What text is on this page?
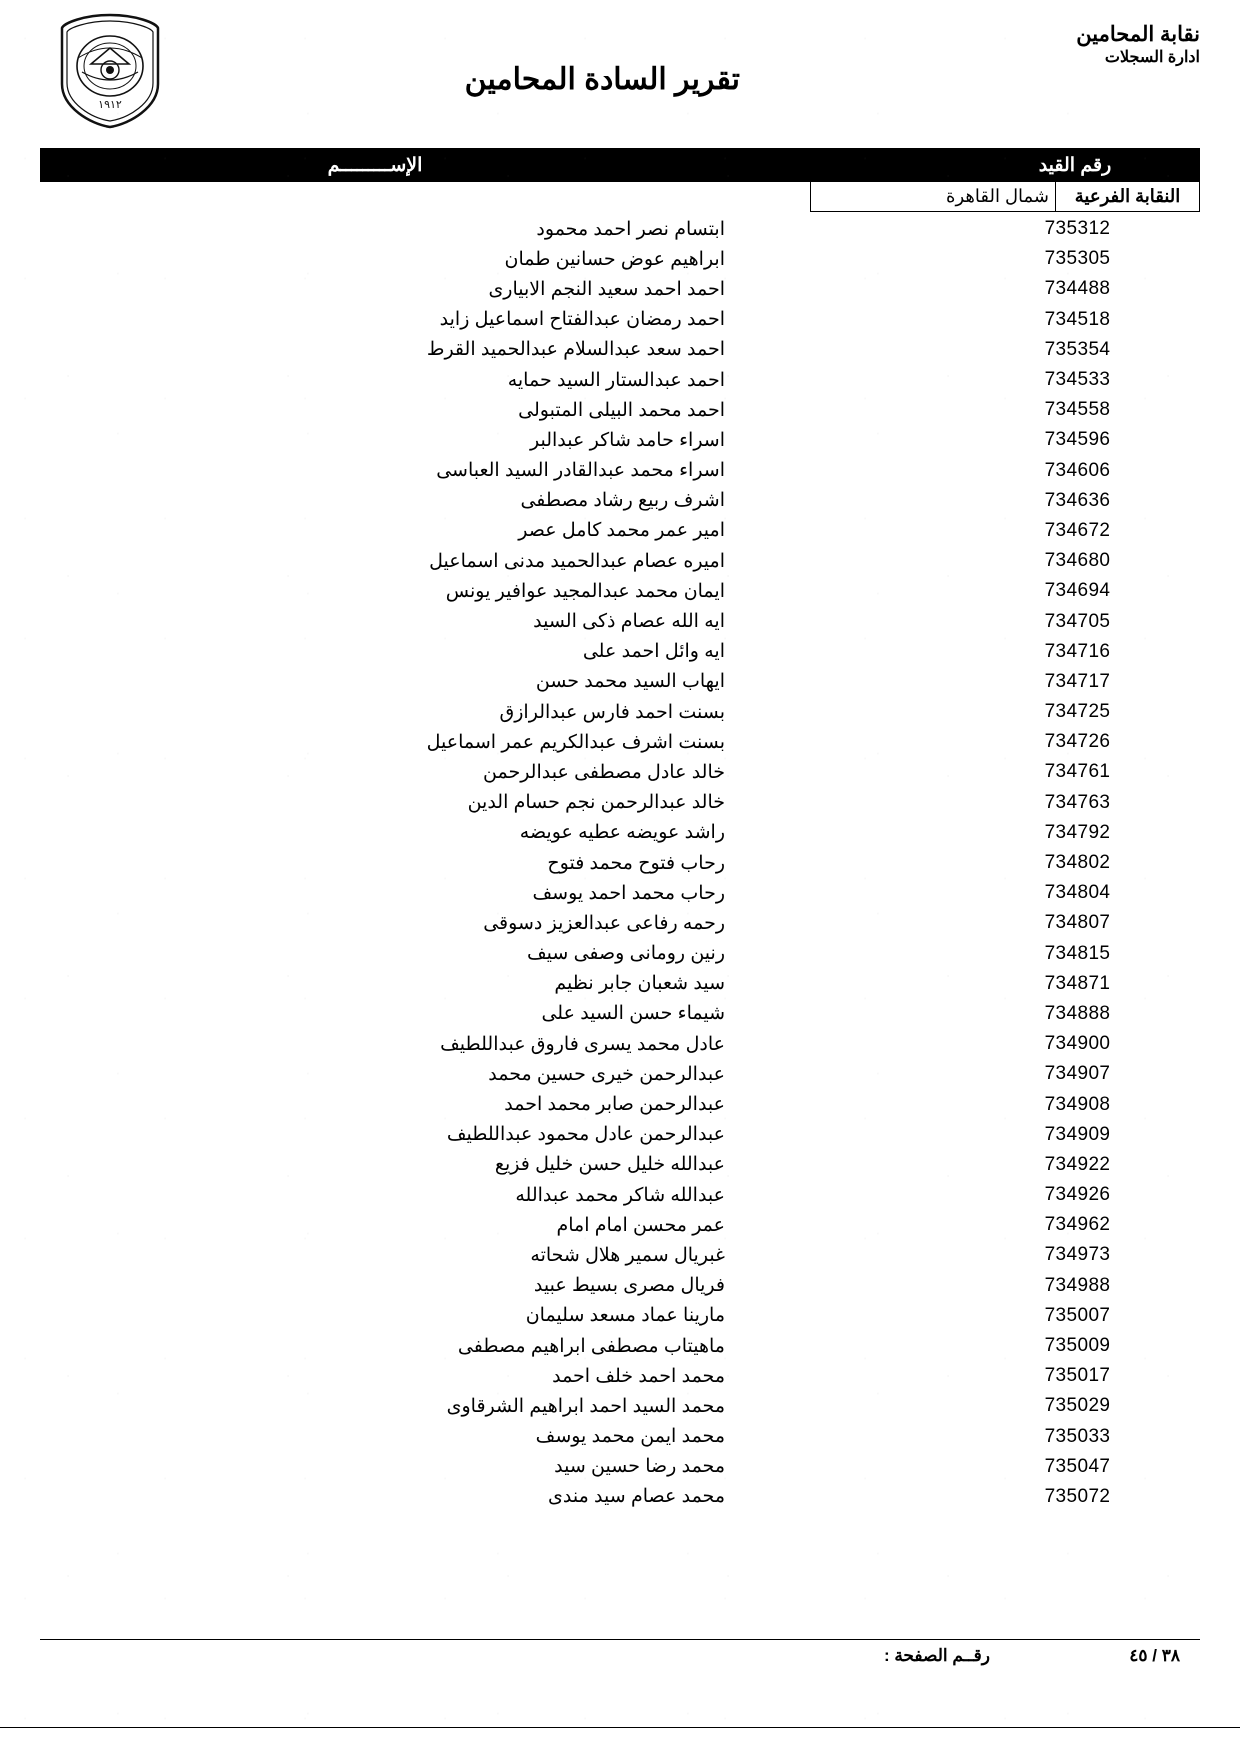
نقابة المحامين
ادارة السجلات
تقرير السادة المحامين
١٩١٢
رقم القيد
الإســـــــــم
النقابة الفرعية
شمال القاهرة
735312
ابتسام نصر احمد محمود
735305
ابراهيم عوض حسانين طمان
734488
احمد احمد سعيد النجم الابيارى
734518
احمد رمضان عبدالفتاح اسماعيل زايد
735354
احمد سعد عبدالسلام عبدالحميد القرط
734533
احمد عبدالستار السيد حمايه
734558
احمد محمد البيلى المتبولى
734596
اسراء حامد شاكر عبدالبر
734606
اسراء محمد عبدالقادر السيد العباسى
734636
اشرف ربيع رشاد مصطفى
734672
امير عمر محمد كامل عصر
734680
اميره عصام عبدالحميد مدنى اسماعيل
734694
ايمان محمد عبدالمجيد عوافير يونس
734705
ايه الله عصام ذكى السيد
734716
ايه وائل احمد على
734717
ايهاب السيد محمد حسن
734725
بسنت احمد فارس عبدالرازق
734726
بسنت اشرف عبدالكريم عمر اسماعيل
734761
خالد عادل مصطفى عبدالرحمن
734763
خالد عبدالرحمن نجم حسام الدين
734792
راشد عويضه عطيه عويضه
734802
رحاب فتوح محمد فتوح
734804
رحاب محمد احمد يوسف
734807
رحمه رفاعى عبدالعزيز دسوقى
734815
رنين رومانى وصفى سيف
734871
سيد شعبان جابر نظيم
734888
شيماء حسن السيد على
734900
عادل محمد يسرى فاروق عبداللطيف
734907
عبدالرحمن خيرى حسين محمد
734908
عبدالرحمن صابر محمد احمد
734909
عبدالرحمن عادل محمود عبداللطيف
734922
عبدالله خليل حسن خليل فزيع
734926
عبدالله شاكر محمد عبدالله
734962
عمر محسن امام امام
734973
غبريال سمير هلال شحاته
734988
فريال مصرى بسيط عبيد
735007
مارينا عماد مسعد سليمان
735009
ماهيتاب مصطفى ابراهيم مصطفى
735017
محمد احمد خلف احمد
735029
محمد السيد احمد ابراهيم الشرقاوى
735033
محمد ايمن محمد يوسف
735047
محمد رضا حسين سيد
735072
محمد عصام سيد مندى
رقــم الصفحة :	٣٨ / ٤٥
